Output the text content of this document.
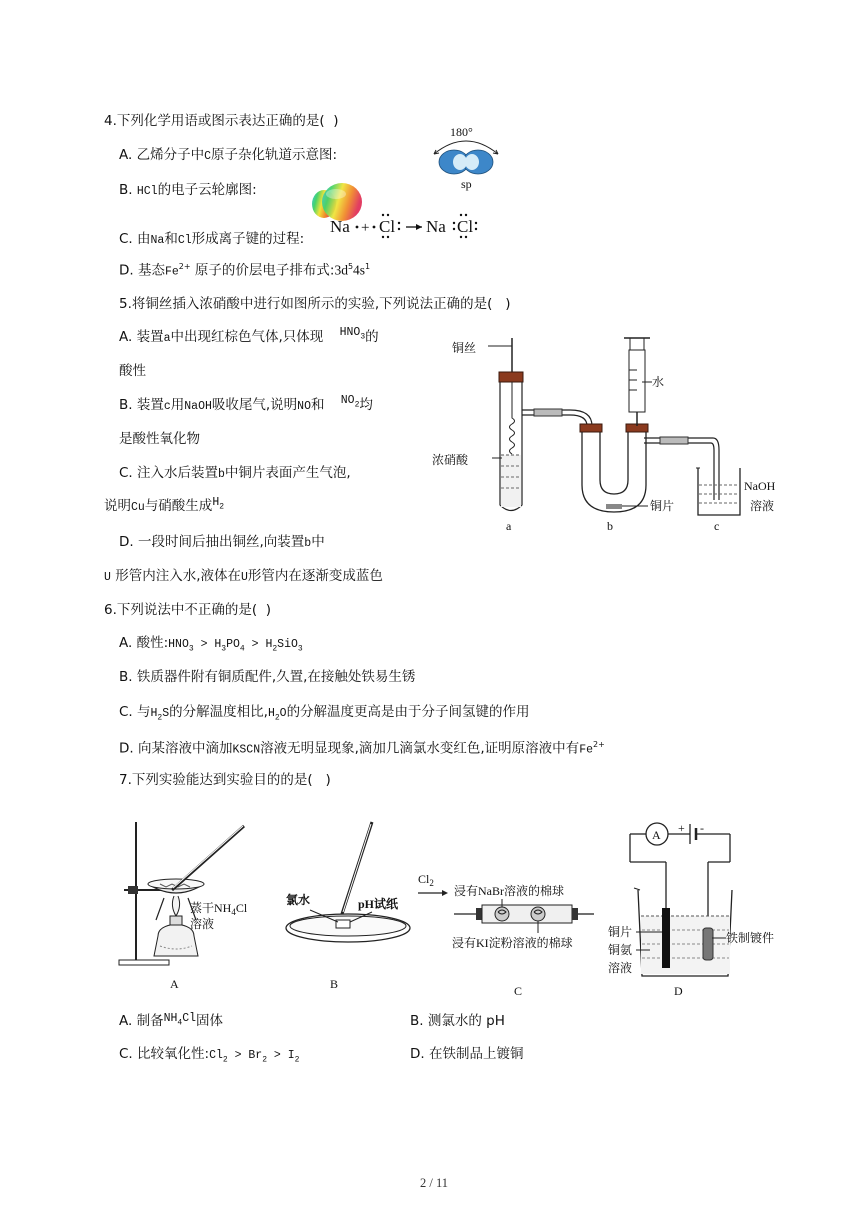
4.下列化学用语或图示表达正确的是(  )
A. 乙烯分子中C原子杂化轨道示意图:
180°
sp
B. HCl的电子云轮廓图:
C. 由Na和Cl形成离子键的过程:
Na + Cl Na Cl
D. 基态$Fe^{2+}$ 原子的价层电子排布式$:3d^54s^1$
5.将铜丝插入浓硝酸中进行如图所示的实验,下列说法正确的是(   )
A. 装置a中出现红棕色气体,只体现 $HNO_3$的
酸性
B. 装置c用NaOH吸收尾气,说明NO和 $NO_2$均
是酸性氧化物
C. 注入水后装置b中铜片表面产生气泡,
说明Cu与硝酸生成$H_2$
D. 一段时间后抽出铜丝,向装置b中
U 形管内注入水,液体在U形管内在逐渐变成蓝色
铜丝
浓硝酸
a	b
铜片
水
c
NaOH
溶液
6.下列说法中不正确的是(  )
A. 酸性$:HNO_3 > H_3PO_4 > H_2SiO_3$
B. 铁质器件附有铜质配件,久置,在接触处铁易生锈
C. 与$H_2S$的分解温度相比$,H_2O$的分解温度更高是由于分子间氢键的作用
D. 向某溶液中滴加KSCN溶液无明显现象,滴加几滴氯水变红色,证明原溶液中有$Fe^{2+}$
7.下列实验能达到实验目的的是(   )
蒸干$NH_4Cl$
溶液
A
氯水	pH试纸
B
$Cl_2$
浸有NaBr溶液的棉球
浸有KI淀粉溶液的棉球
C
A + -
铜片
铜氨
溶液
铁制镀件
D
A. 制备$NH_4Cl$固体	B. 测氯水的 pH
C. 比较氧化性$:Cl_2 > Br_2 > I_2$	D. 在铁制品上镀铜
2 / 11
